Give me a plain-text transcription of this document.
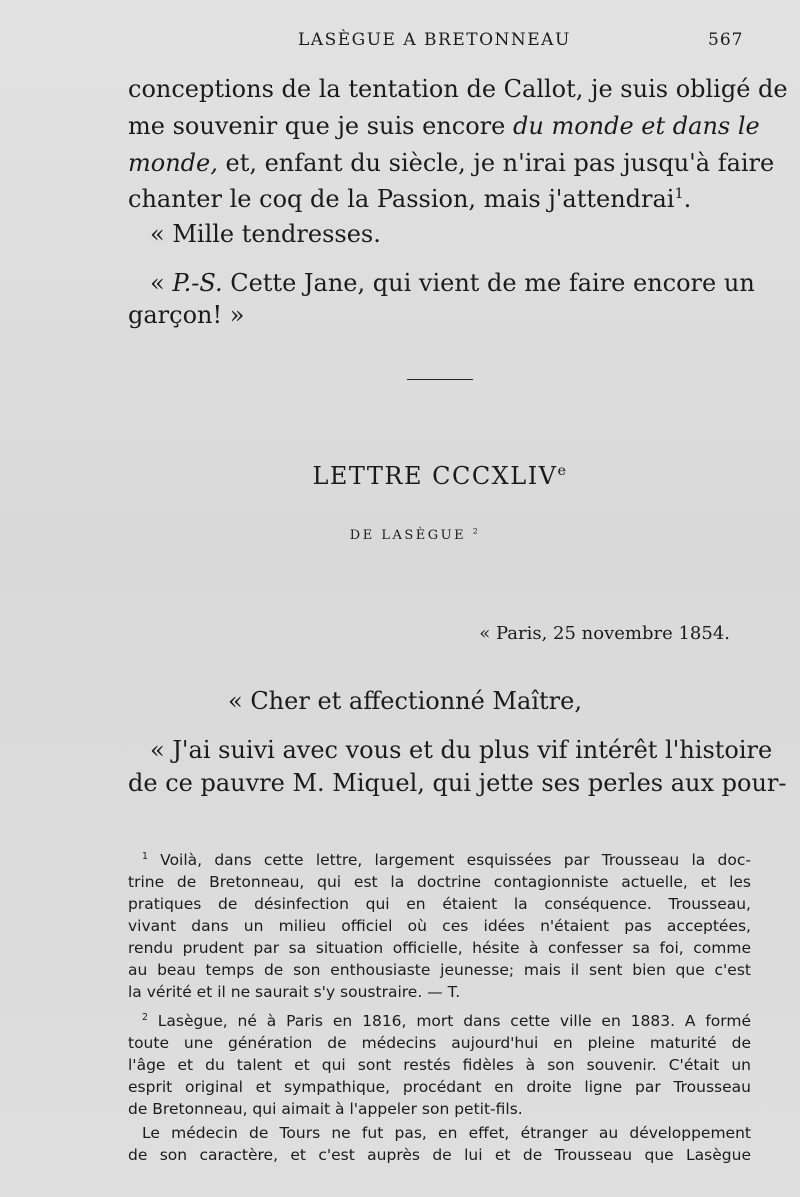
LASÈGUE A BRETONNEAU	567
conceptions de la tentation de Callot, je suis obligé de
me souvenir que je suis encore du monde et dans le
monde, et, enfant du siècle, je n'irai pas jusqu'à faire
chanter le coq de la Passion, mais j'attendrai$^1$.
« Mille tendresses.
« P.-S. Cette Jane, qui vient de me faire encore un
garçon! »
LETTRE CCCXLIVe
DE LASÈGUE $^2$
« Paris, 25 novembre 1854.
« Cher et affectionné Maître,
« J'ai suivi avec vous et du plus vif intérêt l'histoire
de ce pauvre M. Miquel, qui jette ses perles aux pour-
$^1$ Voilà, dans cette lettre, largement esquissées par Trousseau la doc-
trine de Bretonneau, qui est la doctrine contagionniste actuelle, et les
pratiques de désinfection qui en étaient la conséquence. Trousseau,
vivant dans un milieu officiel où ces idées n'étaient pas acceptées,
rendu prudent par sa situation officielle, hésite à confesser sa foi, comme
au beau temps de son enthousiaste jeunesse; mais il sent bien que c'est
la vérité et il ne saurait s'y soustraire. — T.
$^2$ Lasègue, né à Paris en 1816, mort dans cette ville en 1883. A formé
toute une génération de médecins aujourd'hui en pleine maturité de
l'âge et du talent et qui sont restés fidèles à son souvenir. C'était un
esprit original et sympathique, procédant en droite ligne par Trousseau
de Bretonneau, qui aimait à l'appeler son petit-fils.
Le médecin de Tours ne fut pas, en effet, étranger au développement
de son caractère, et c'est auprès de lui et de Trousseau que Lasègue
